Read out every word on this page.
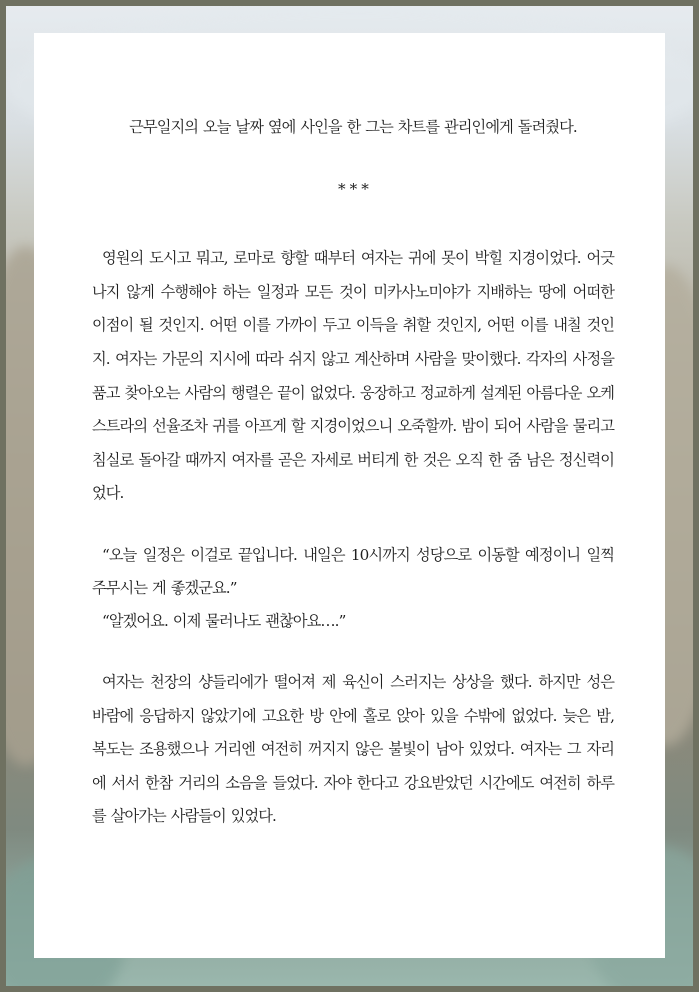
근무일지의 오늘 날짜 옆에 사인을 한 그는 차트를 관리인에게 돌려줬다.

* * *

영원의 도시고 뭐고, 로마로 향할 때부터 여자는 귀에 못이 박힐 지경이었다. 어긋나지 않게 수행해야 하는 일정과 모든 것이 미카사노미야가 지배하는 땅에 어떠한 이점이 될 것인지. 어떤 이를 가까이 두고 이득을 취할 것인지, 어떤 이를 내칠 것인지. 여자는 가문의 지시에 따라 쉬지 않고 계산하며 사람을 맞이했다. 각자의 사정을 품고 찾아오는 사람의 행렬은 끝이 없었다. 웅장하고 정교하게 설계된 아름다운 오케스트라의 선율조차 귀를 아프게 할 지경이었으니 오죽할까. 밤이 되어 사람을 물리고 침실로 돌아갈 때까지 여자를 곧은 자세로 버티게 한 것은 오직 한 줌 남은 정신력이었다.

“오늘 일정은 이걸로 끝입니다. 내일은 10시까지 성당으로 이동할 예정이니 일찍 주무시는 게 좋겠군요.”

“알겠어요. 이제 물러나도 괜찮아요….”

여자는 천장의 샹들리에가 떨어져 제 육신이 스러지는 상상을 했다. 하지만 성은 바람에 응답하지 않았기에 고요한 방 안에 홀로 앉아 있을 수밖에 없었다. 늦은 밤, 복도는 조용했으나 거리엔 여전히 꺼지지 않은 불빛이 남아 있었다. 여자는 그 자리에 서서 한참 거리의 소음을 들었다. 자야 한다고 강요받았던 시간에도 여전히 하루를 살아가는 사람들이 있었다.
